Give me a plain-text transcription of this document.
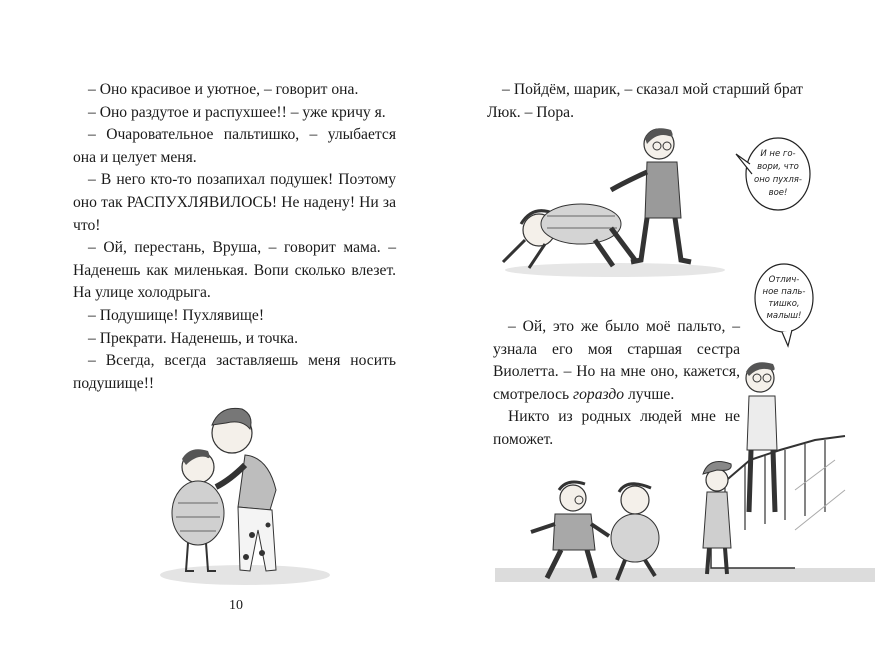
– Оно красивое и уютное, – говорит она.

– Оно раздутое и распухшее!! – уже кричу я.

– Очаровательное пальтишко, – улыбается она и целует меня.

– В него кто-то позапихал подушек! Поэтому оно так РАСПУХЛЯВИЛОСЬ! Не надену! Ни за что!

– Ой, перестань, Вруша, – говорит мама. – Наденешь как миленькая. Вопи сколько влезет. На улице холодрыга.

– Подушище! Пухлявище!

– Прекрати. Наденешь, и точка.

– Всегда, всегда заставляешь меня носить подушище!!

10

– Пойдём, шарик, – сказал мой старший брат Люк. – Пора.

И не го-
вори, что
оно пухля-
вое!
Отлич-
ное паль-
тишко,
малыш!

– Ой, это же было моё пальто, – узнала его моя старшая сестра Виолетта. – Но на мне оно, кажется, смотрелось гораздо лучше.

Никто из родных людей мне не поможет.
